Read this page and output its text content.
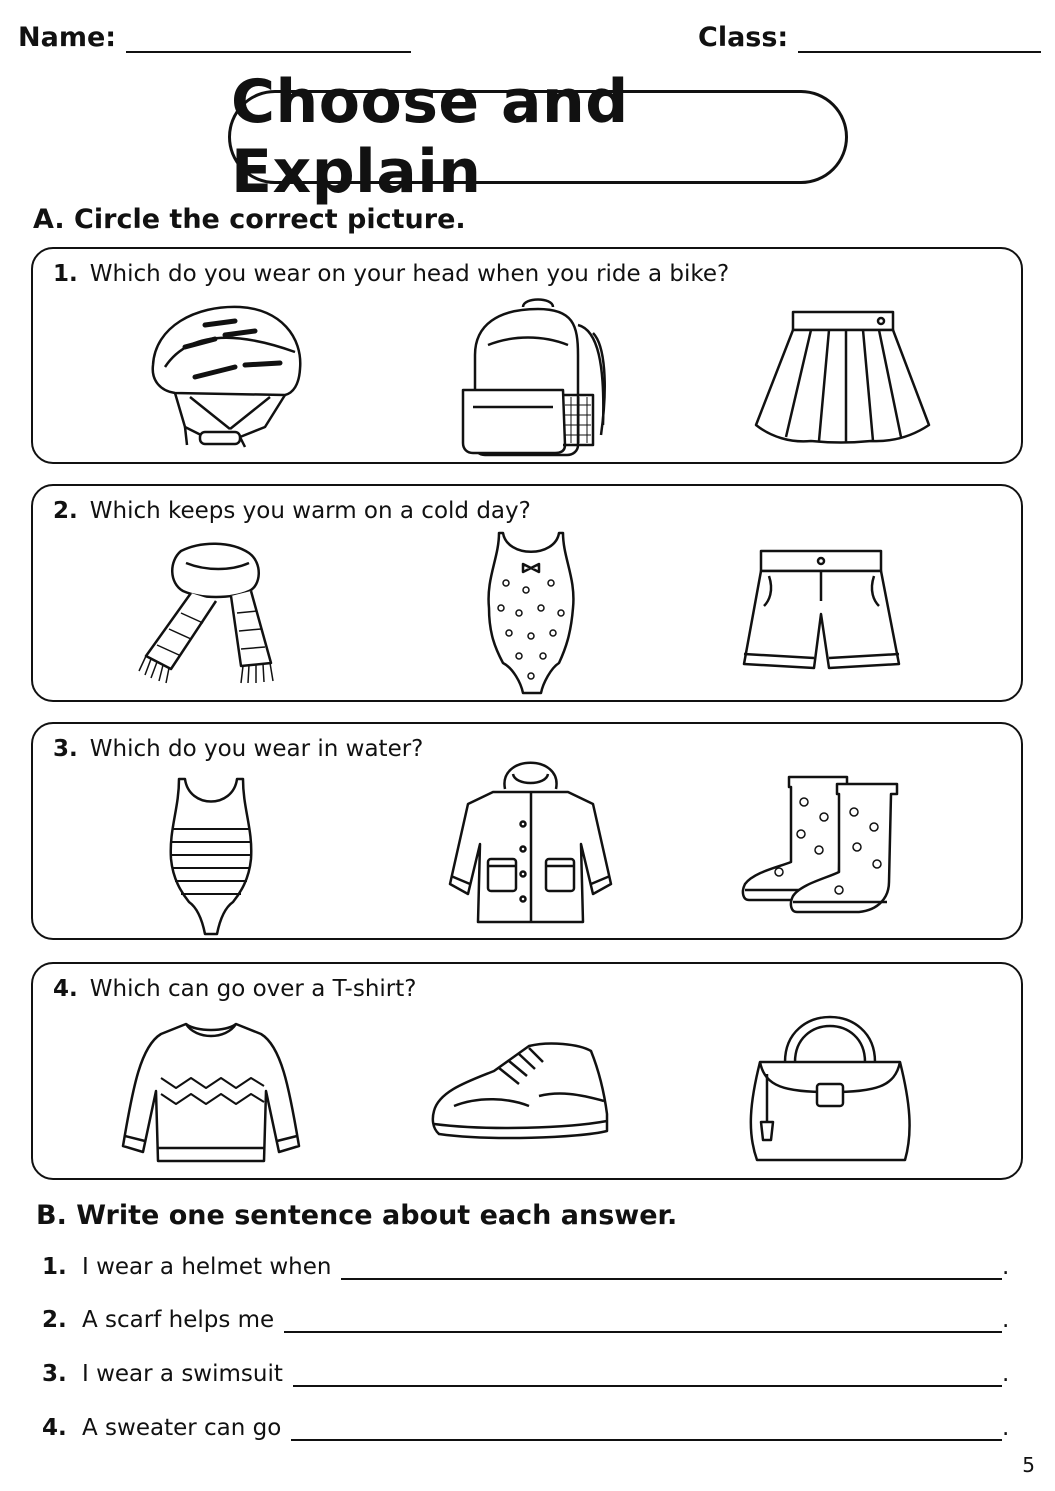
Name:	Class:
Choose and Explain
A. Circle the correct picture.
1. Which do you wear on your head when you ride a bike?
2. Which keeps you warm on a cold day?
3. Which do you wear in water?
4. Which can go over a T-shirt?
B. Write one sentence about each answer.
1. I wear a helmet when	.
2. A scarf helps me	.
3. I wear a swimsuit	.
4. A sweater can go	.
5
